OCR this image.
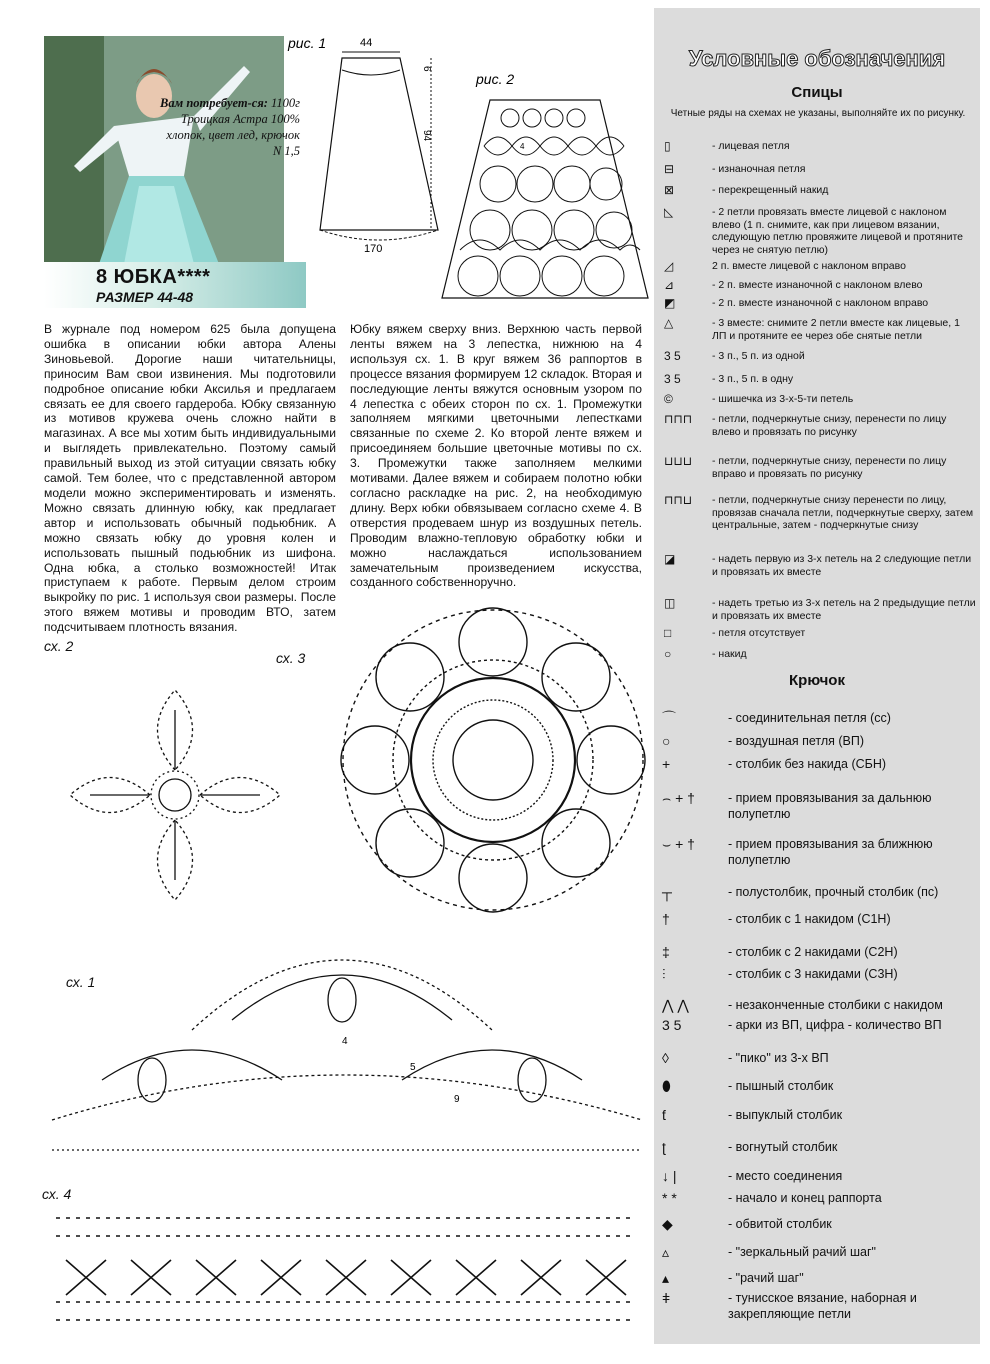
Вам потребует-ся: 1100г Троицкая Астра 100% хлопок, цвет лед, крючок N 1,5
рис. 1	44
6
94
170
рис. 2
4
8 ЮБКА****
РАЗМЕР 44-48
В журнале под номером 625 была допущена ошибка в описании юбки автора Алены Зиновьевой. Дорогие наши читательницы, приносим Вам свои извинения. Мы подготовили подробное описание юбки Аксилья и предлагаем связать ее для своего гардероба. Юбку связанную из мотивов кружева очень сложно найти в магазинах. А все мы хотим быть индивидуальными и выглядеть привлекательно. Поэтому самый правильный выход из этой ситуации связать юбку самой. Тем более, что с представленной автором модели можно экспериментировать и изменять. Можно связать длинную юбку, как предлагает автор и использовать обычный подьюбник. А можно связать юбку до уровня колен и использовать пышный подьюбник из шифона. Одна юбка, а столько возможностей! Итак приступаем к работе. Первым делом строим выкройку по рис. 1 используя свои размеры. После этого вяжем мотивы и проводим ВТО, затем подсчитываем плотность вязания.
Юбку вяжем сверху вниз. Верхнюю часть первой ленты вяжем на 3 лепестка, нижнюю на 4 используя сх. 1. В круг вяжем 36 раппортов в процессе вязания формируем 12 складок. Вторая и последующие ленты вяжутся основным узором по 4 лепестка с обеих сторон по сх. 1. Промежутки заполняем мягкими цветочными лепестками связанные по схеме 2. Ко второй ленте вяжем и присоединяем большие цветочные мотивы по сх. 3. Промежутки также заполняем мелкими мотивами. Далее вяжем и собираем полотно юбки согласно раскладке на рис. 2, на необходимую длину. Верх юбки обвязываем согласно схеме 4. В отверстия продеваем шнур из воздушных петель. Проводим влажно-тепловую обработку юбки и можно наслаждаться использованием замечательным произведением искусства, созданного собственноручно.
сх. 2
сх. 3
сх. 1
сх. 4
5
9
4
Условные обозначения
Спицы
Четные ряды на схемах не указаны, выполняйте их по рисунку.
▯	- лицевая петля
⊟	- изнаночная петля
⊠	- перекрещенный накид
◺	- 2 петли провязать вместе лицевой с наклоном влево (1 п. снимите, как при лицевом вязании, следующую петлю провяжите лицевой и протяните через не снятую петлю)
◿	2 п. вместе лицевой с наклоном вправо
⊿	- 2 п. вместе изнаночной с наклоном влево
◩	- 2 п. вместе изнаночной с наклоном вправо
△	- 3 вместе: снимите 2 петли вместе как лицевые, 1 ЛП и протяните ее через обе снятые петли
3 5	- 3 п., 5 п. из одной
3 5	- 3 п., 5 п. в одну
©	- шишечка из 3-х-5-ти петель
⊓⊓⊓	- петли, подчеркнутые снизу, перенести по лицу влево и провязать по рисунку
⊔⊔⊔	- петли, подчеркнутые снизу, перенести по лицу вправо и провязать по рисунку
⊓⊓⊔	- петли, подчеркнутые снизу перенести по лицу, провязав сначала петли, подчеркнутые сверху, затем центральные, затем - подчеркнутые снизу
◪	- надеть первую из 3-х петель на 2 следующие петли и провязать их вместе
◫	- надеть третью из 3-х петель на 2 предыдущие петли и провязать их вместе
□	- петля отсутствует
○	- накид
Крючок
⌒	- соединительная петля (сс)
○	- воздушная петля (ВП)
+	- столбик без накида (СБН)
⌢ + †	- прием провязывания за дальнюю полупетлю
⌣ + †	- прием провязывания за ближнюю полупетлю
┬	- полустолбик, прочный столбик (пс)
†	- столбик с 1 накидом (С1Н)
‡	- столбик с 2 накидами (С2Н)
⫶	- столбик с 3 накидами (С3Н)
⋀ ⋀	- незаконченные столбики с накидом
3 5	- арки из ВП, цифра - количество ВП
◊	- "пико" из 3-х ВП
⬮	- пышный столбик
ƭ	- выпуклый столбик
ʈ	- вогнутый столбик
↓ |	- место соединения
* *	- начало и конец раппорта
◆	- обвитой столбик
▵	- "зеркальный рачий шаг"
▴	- "рачий шаг"
ǂ	- тунисское вязание, наборная и закрепляющие петли
